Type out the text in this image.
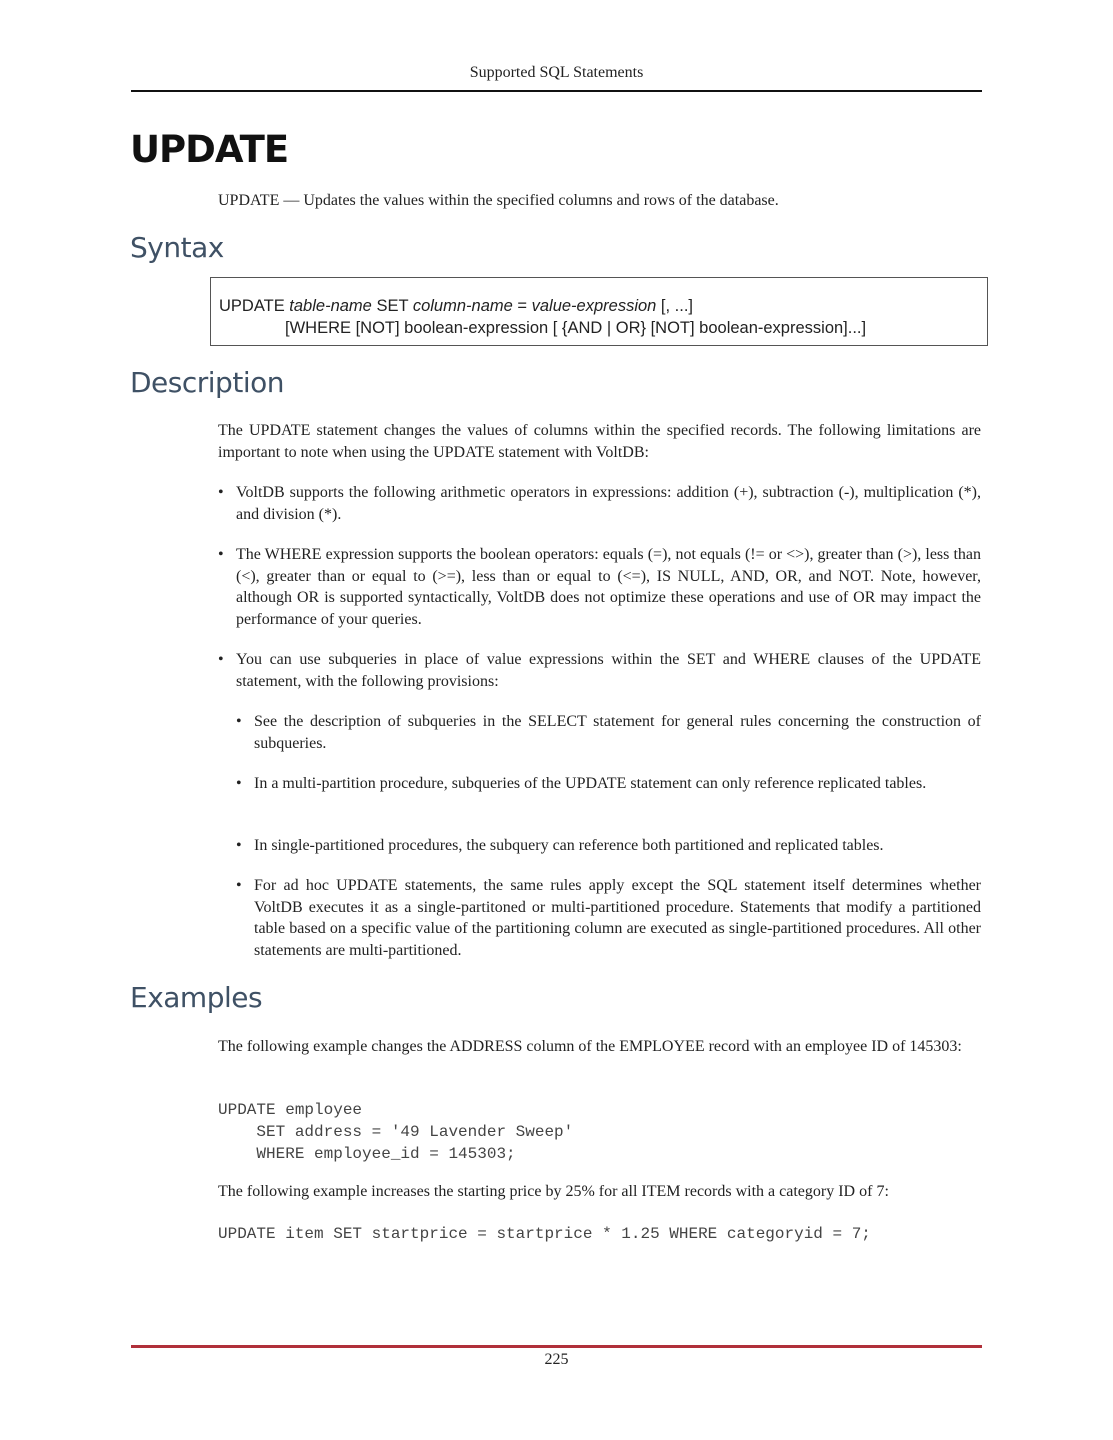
Supported SQL Statements
UPDATE
UPDATE — Updates the values within the specified columns and rows of the database.
Syntax
UPDATE table-name SET column-name = value-expression [, ...]
[WHERE [NOT] boolean-expression [ {AND | OR} [NOT] boolean-expression]...]
Description
The UPDATE statement changes the values of columns within the specified records. The following limitations are important to note when using the UPDATE statement with VoltDB:
• VoltDB supports the following arithmetic operators in expressions: addition (+), subtraction (-), multiplication (*), and division (*).
• The WHERE expression supports the boolean operators: equals (=), not equals (!= or <>), greater than (>), less than (<), greater than or equal to (>=), less than or equal to (<=), IS NULL, AND, OR, and NOT. Note, however, although OR is supported syntactically, VoltDB does not optimize these operations and use of OR may impact the performance of your queries.
• You can use subqueries in place of value expressions within the SET and WHERE clauses of the UPDATE statement, with the following provisions:
• See the description of subqueries in the SELECT statement for general rules concerning the construction of subqueries.
• In a multi-partition procedure, subqueries of the UPDATE statement can only reference replicated tables.
• In single-partitioned procedures, the subquery can reference both partitioned and replicated tables.
• For ad hoc UPDATE statements, the same rules apply except the SQL statement itself determines whether VoltDB executes it as a single-partitoned or multi-partitioned procedure. Statements that modify a partitioned table based on a specific value of the partitioning column are executed as single-partitioned procedures. All other statements are multi-partitioned.
Examples
The following example changes the ADDRESS column of the EMPLOYEE record with an employee ID of 145303:
UPDATE employee
SET address = '49 Lavender Sweep'
WHERE employee_id = 145303;
The following example increases the starting price by 25% for all ITEM records with a category ID of 7:
UPDATE item SET startprice = startprice * 1.25 WHERE categoryid = 7;
225
